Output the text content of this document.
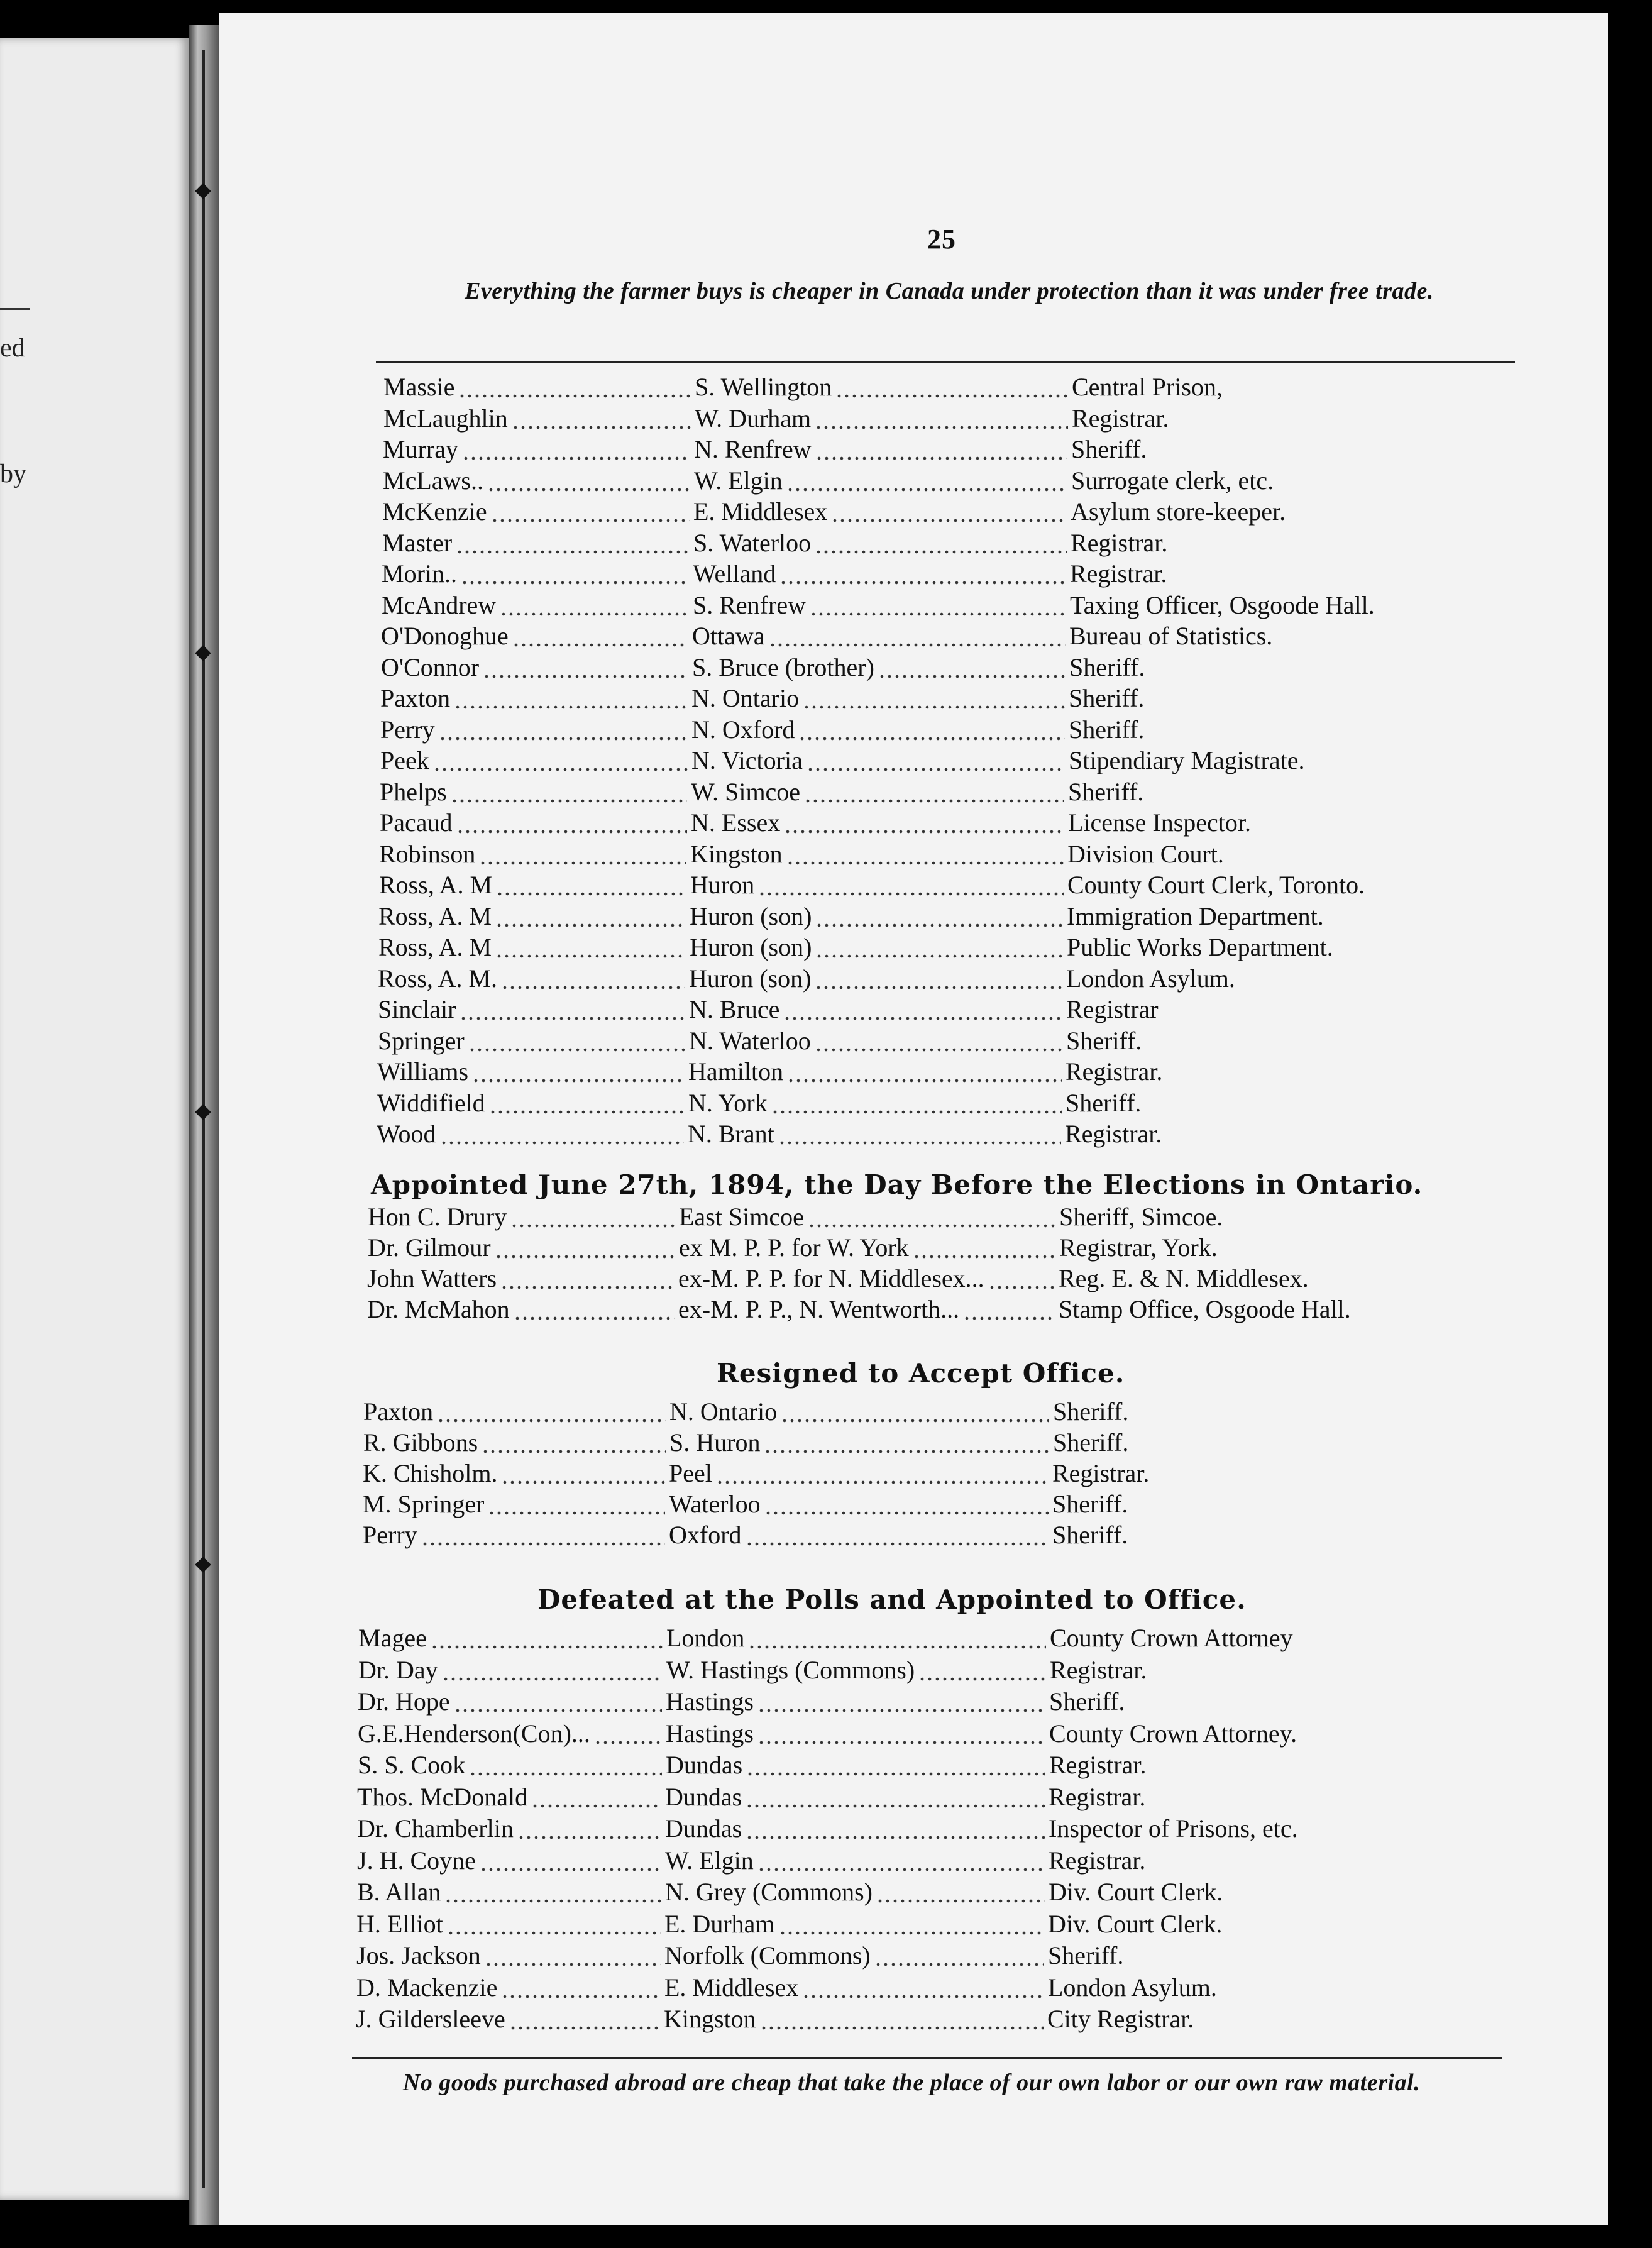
ed
by
25
Everything the farmer buys is cheaper in Canada under protection than it was under free trade.
Massie	S. Wellington	Central Prison,
McLaughlin	W. Durham	Registrar.
Murray	N. Renfrew	Sheriff.
McLaws..	W. Elgin	Surrogate clerk, etc.
McKenzie	E. Middlesex	Asylum store-keeper.
Master	S. Waterloo	Registrar.
Morin..	Welland	Registrar.
McAndrew	S. Renfrew	Taxing Officer, Osgoode Hall.
O'Donoghue	Ottawa	Bureau of Statistics.
O'Connor	S. Bruce (brother)	Sheriff.
Paxton	N. Ontario	Sheriff.
Perry	N. Oxford	Sheriff.
Peek	N. Victoria	Stipendiary Magistrate.
Phelps	W. Simcoe	Sheriff.
Pacaud	N. Essex	License Inspector.
Robinson	Kingston	Division Court.
Ross, A. M	Huron	County Court Clerk, Toronto.
Ross, A. M	Huron (son)	Immigration Department.
Ross, A. M	Huron (son)	Public Works Department.
Ross, A. M.	Huron (son)	London Asylum.
Sinclair	N. Bruce	Registrar
Springer	N. Waterloo	Sheriff.
Williams	Hamilton	Registrar.
Widdifield	N. York	Sheriff.
Wood	N. Brant	Registrar.
Appointed June 27th, 1894, the Day Before the Elections in Ontario.
Hon C. Drury	East Simcoe	Sheriff, Simcoe.
Dr. Gilmour	ex M. P. P. for W. York	Registrar, York.
John Watters	ex-M. P. P. for N. Middlesex...	Reg. E. & N. Middlesex.
Dr. McMahon	ex-M. P. P., N. Wentworth...	Stamp Office, Osgoode Hall.
Resigned to Accept Office.
Paxton	N. Ontario	Sheriff.
R. Gibbons	S. Huron	Sheriff.
K. Chisholm.	Peel	Registrar.
M. Springer	Waterloo	Sheriff.
Perry	Oxford	Sheriff.
Defeated at the Polls and Appointed to Office.
Magee	London	County Crown Attorney
Dr. Day	W. Hastings (Commons)	Registrar.
Dr. Hope	Hastings	Sheriff.
G.E.Henderson(Con)...	Hastings	County Crown Attorney.
S. S. Cook	Dundas	Registrar.
Thos. McDonald	Dundas	Registrar.
Dr. Chamberlin	Dundas	Inspector of Prisons, etc.
J. H. Coyne	W. Elgin	Registrar.
B. Allan	N. Grey (Commons)	Div. Court Clerk.
H. Elliot	E. Durham	Div. Court Clerk.
Jos. Jackson	Norfolk (Commons)	Sheriff.
D. Mackenzie	E. Middlesex	London Asylum.
J. Gildersleeve	Kingston	City Registrar.
No goods purchased abroad are cheap that take the place of our own labor or our own raw material.
